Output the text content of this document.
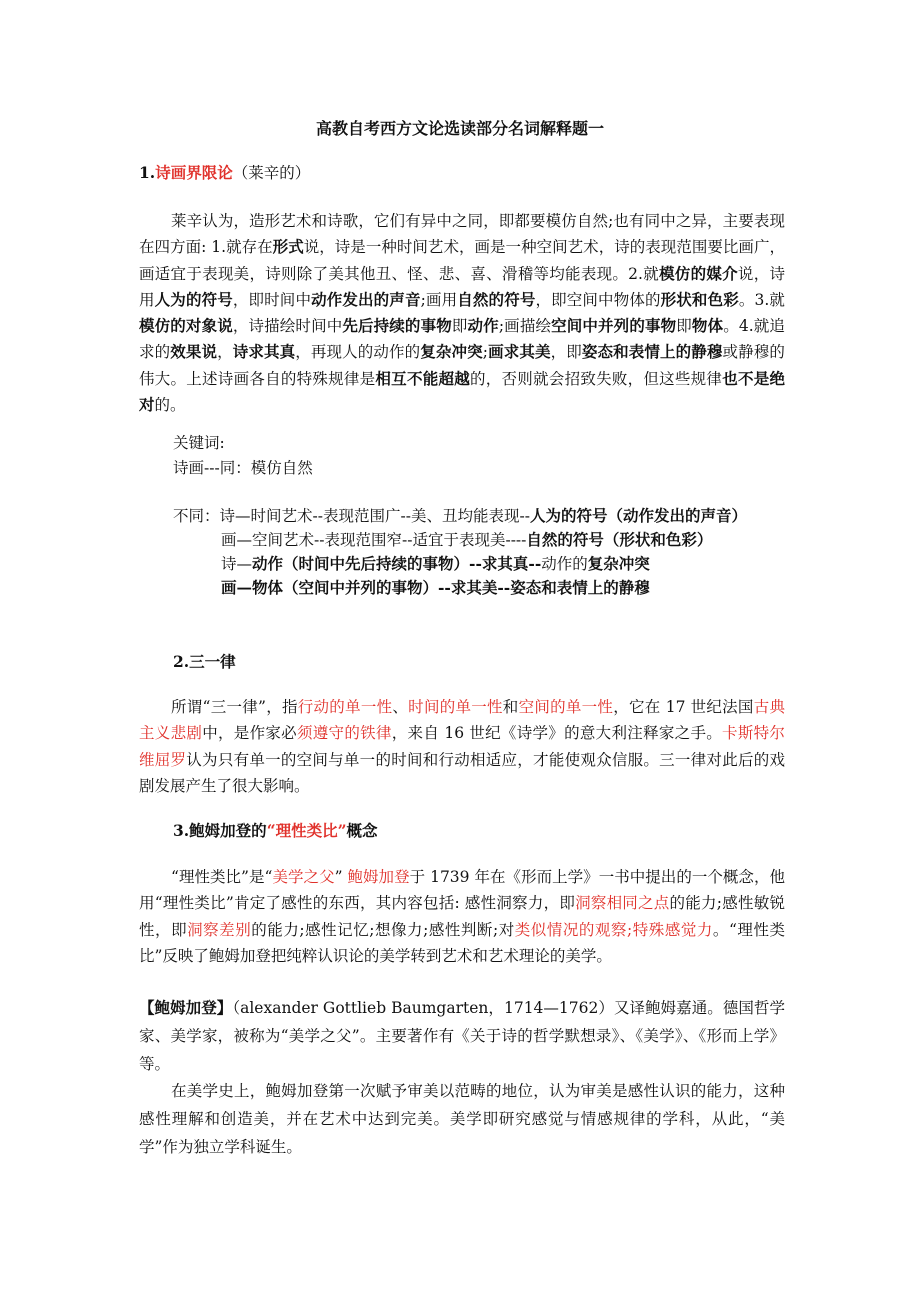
高教自考西方文论选读部分名词解释题一
1.诗画界限论（莱辛的）
莱辛认为，造形艺术和诗歌，它们有异中之同，即都要模仿自然;也有同中之异，主要表现在四方面: 1.就存在形式说，诗是一种时间艺术，画是一种空间艺术，诗的表现范围要比画广，画适宜于表现美，诗则除了美其他丑、怪、悲、喜、滑稽等均能表现。2.就模仿的媒介说，诗用人为的符号，即时间中动作发出的声音;画用自然的符号，即空间中物体的形状和色彩。3.就模仿的对象说，诗描绘时间中先后持续的事物即动作;画描绘空间中并列的事物即物体。4.就追求的效果说，诗求其真，再现人的动作的复杂冲突;画求其美，即姿态和表情上的静穆或静穆的伟大。上述诗画各自的特殊规律是相互不能超越的，否则就会招致失败，但这些规律也不是绝对的。
关键词:
诗画---同：模仿自然
不同：诗—时间艺术--表现范围广--美、丑均能表现--人为的符号（动作发出的声音）
画—空间艺术--表现范围窄--适宜于表现美----自然的符号（形状和色彩）
诗—动作（时间中先后持续的事物）--求其真--动作的复杂冲突
画—物体（空间中并列的事物）--求其美--姿态和表情上的静穆
2.三一律
所谓“三一律”，指行动的单一性、时间的单一性和空间的单一性，它在 17 世纪法国古典主义悲剧中，是作家必须遵守的铁律，来自 16 世纪《诗学》的意大利注释家之手。卡斯特尔维屈罗认为只有单一的空间与单一的时间和行动相适应，才能使观众信服。三一律对此后的戏剧发展产生了很大影响。
3.鲍姆加登的“理性类比”概念
“理性类比”是“美学之父” 鲍姆加登于 1739 年在《形而上学》一书中提出的一个概念，他用“理性类比”肯定了感性的东西，其内容包括: 感性洞察力，即洞察相同之点的能力;感性敏锐性，即洞察差别的能力;感性记忆;想像力;感性判断;对类似情况的观察;特殊感觉力。“理性类比”反映了鲍姆加登把纯粹认识论的美学转到艺术和艺术理论的美学。
【鲍姆加登】（alexander Gottlieb Baumgarten，1714—1762）又译鲍姆嘉通。德国哲学家、美学家，被称为“美学之父”。主要著作有《关于诗的哲学默想录》、《美学》、《形而上学》等。
在美学史上，鲍姆加登第一次赋予审美以范畴的地位，认为审美是感性认识的能力，这种感性理解和创造美，并在艺术中达到完美。美学即研究感觉与情感规律的学科，从此，“美学”作为独立学科诞生。
